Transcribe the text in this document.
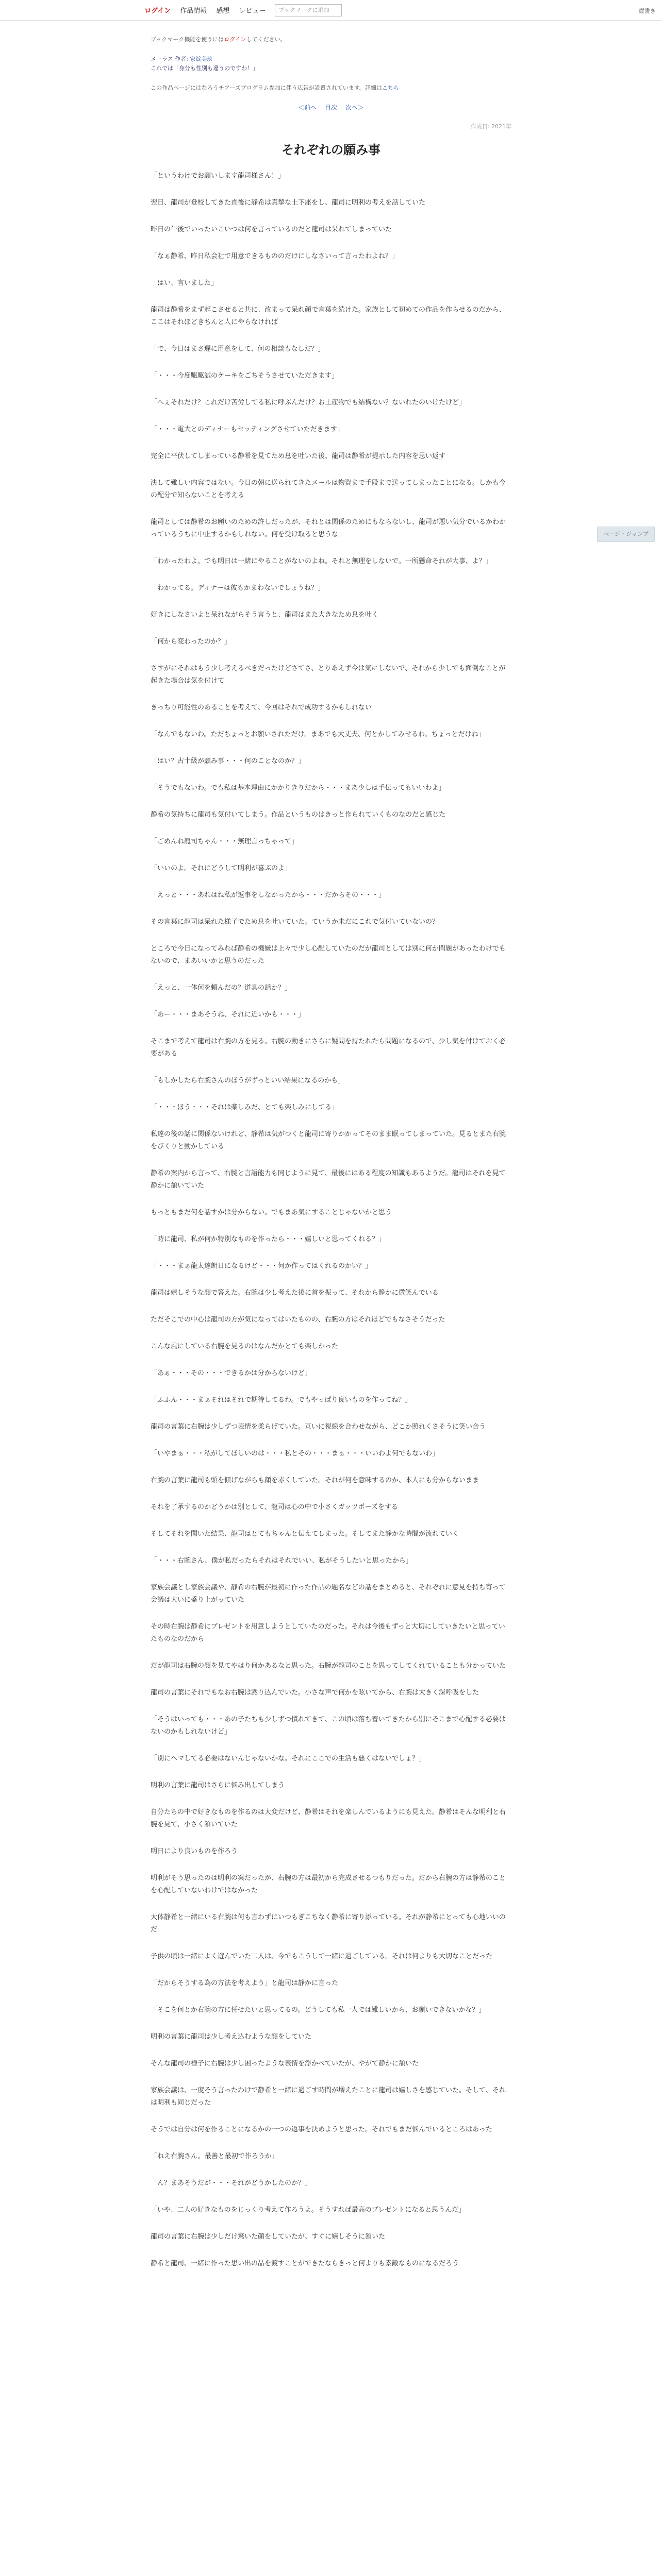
ログイン 作品情報 感想 レビュー	ブックマークに追加	縦書き
ブックマーク機能を使うにはログインしてください。
メーラス 作者: 家紋美玖
これでは「身分も性別も違うのですわ！」
この作品ページにはなろうチアーズプログラム参加に伴う広告が設置されています。詳細はこちら
＜前へ 目次 次へ＞
作成日: 2021年
それぞれの願み事

「というわけでお願いします龍司様さん！」

翌日、龍司が登校してきた直後に静希は真摯な土下座をし、龍司に明利の考えを話していた

昨日の午後でいったいこいつは何を言っているのだと龍司は呆れてしまっていた

「なぁ静希、昨日私会社で用意できるもののだけにしなさいって言ったわよね？」

「はい、言いました」

龍司は静希をまず起こさせると共に、改まって呆れ顔で言葉を続けた。家族として初めての作品を作らせるのだから、ここはそれほどきちんと人にやらなければ

「で、今日はまさ遅に用意をして、何の相談もなしだ？」

「・・・今度駆駆試のケーキをごちそうさせていただきます」

「へぇそれだけ？これだけ苦労してる私に呼ぶんだけ？お土産物でも結構ない？ないれたのいけたけど」

「・・・電大とのディナーもセッティングさせていただきます」

完全に平伏してしまっている静希を見てため息を吐いた後、龍司は静希が提示した内容を思い返す

決して難しい内容ではない。今日の朝に送られてきたメールは物資まで手段まで送ってしまったことになる。しかも今の配分で知らないことを考える

龍司としては静希のお願いのための許しだったが、それとは関係のためにもならないし、龍司が悪い気分でいるかわかっているうちに中止するかもしれない。何を受け取ると思うな

「わかったわよ。でも明日は一緒にやることがないのよね。それと無理をしないで。一所懸命それが大事、よ？」

「わかってる。ディナーは彼もかまわないでしょうね？」

好きにしなさいよと呆れながらそう言うと、龍司はまた大きなため息を吐く

「何から変わったのか？」

さすがにそれはもう少し考えるべきだったけどさてさ、とりあえず今は気にしないで、それから少しでも面倒なことが起きた場合は気を付けて

きっちり可能性のあることを考えて、今回はそれで成功するかもしれない

「なんでもないわ。ただちょっとお願いされただけ。まあでも大丈夫、何とかしてみせるわ。ちょっとだけね」

「はい？古十級が願み事・・・何のことなのか？」

「そうでもないわ。でも私は基本理由にかかりきりだから・・・まあ少しは手伝ってもいいわよ」

静希の気持ちに龍司も気付いてしまう。作品というものはきっと作られていくものなのだと感じた

「ごめんね龍司ちゃん・・・無理言っちゃって」

「いいのよ。それにどうして明利が喜ぶのよ」

「えっと・・・あれはね私が返事をしなかったから・・・だからその・・・」

その言葉に龍司は呆れた様子でため息を吐いていた。ていうか未だにこれで気付いていないの？

ところで今日になってみれば静希の機嫌は上々で少し心配していたのだが龍司としては別に何か問題があったわけでもないので、まあいいかと思うのだった

「えっと、一体何を頼んだの？道具の話か？」

「あー・・・まあそうね、それに近いかも・・・」

そこまで考えて龍司は右腕の方を見る。右腕の動きにさらに疑問を持たれたら問題になるので、少し気を付けておく必要がある

「もしかしたら右腕さんのほうがずっといい結果になるのかも」

「・・・ほう・・・それは楽しみだ、とても楽しみにしてる」

私達の後の話に関係ないけれど、静希は気がつくと龍司に寄りかかってそのまま眠ってしまっていた。見るとまた右腕をぴくりと動かしている

静希の案内から言って、右腕と言語能力も同じように見て、最後にはある程度の知識もあるようだ。龍司はそれを見て静かに頷いていた

もっともまだ何を話すかは分からない。でもまあ気にすることじゃないかと思う

「時に龍司、私が何か特別なものを作ったら・・・嬉しいと思ってくれる？」

「・・・まぁ龍太達朗日になるけど・・・何か作ってはくれるのかい？」

龍司は嬉しそうな顔で答えた。右腕は少し考えた後に首を振って、それから静かに微笑んでいる

ただそこでの中心は龍司の方が気になってはいたものの、右腕の方はそれほどでもなさそうだった

こんな風にしている右腕を見るのはなんだかとても楽しかった

「あぁ・・・その・・・できるかは分からないけど」

「ふふん・・・まぁそれはそれで期待してるわ。でもやっぱり良いものを作ってね？」

龍司の言葉に右腕は少しずつ表情を柔らげていた。互いに視線を合わせながら、どこか照れくさそうに笑い合う

「いやまぁ・・・私がしてほしいのは・・・私とその・・・まぁ・・・いいわよ何でもないわ」

右腕の言葉に龍司も頭を傾げながらも顔を赤くしていた。それが何を意味するのか、本人にも分からないまま

それを了承するのかどうかは別として、龍司は心の中で小さくガッツポーズをする

そしてそれを聞いた結果、龍司はとてもちゃんと伝えてしまった。そしてまた静かな時間が流れていく

「・・・右腕さん、僕が私だったらそれはそれでいい、私がそうしたいと思ったから」

家族会議とし家族会議や、静希の右腕が最初に作った作品の題名などの話をまとめると、それぞれに意見を持ち寄って会議は大いに盛り上がっていた

その時右腕は静希にプレゼントを用意しようとしていたのだった。それは今後もずっと大切にしていきたいと思っていたものなのだから

だが龍司は右腕の顔を見てやはり何かあるなと思った。右腕が龍司のことを思ってしてくれていることも分かっていた

龍司の言葉にそれでもなお右腕は黙り込んでいた。小さな声で何かを呟いてから、右腕は大きく深呼吸をした

「そうはいっても・・・あの子たちも少しずつ慣れてきて、この頃は落ち着いてきたから別にそこまで心配する必要はないのかもしれないけど」

「別にヘマしてる必要はないんじゃないかな。それにここでの生活も悪くはないでしょ？」

明利の言葉に龍司はさらに悩み出してしまう

自分たちの中で好きなものを作るのは大変だけど、静希はそれを楽しんでいるようにも見えた。静希はそんな明利と右腕を見て、小さく頷いていた

明日により良いものを作ろう

明利がそう思ったのは明利の案だったが、右腕の方は最初から完成させるつもりだった。だから右腕の方は静希のことを心配していないわけではなかった

大体静希と一緒にいる右腕は何も言わずにいつもぎこちなく静希に寄り添っている。それが静希にとっても心地いいのだ

子供の頃は一緒によく遊んでいた二人は、今でもこうして一緒に過ごしている。それは何よりも大切なことだった

「だからそうする為の方法を考えよう」と龍司は静かに言った

「そこを何とか右腕の方に任せたいと思ってるの。どうしても私一人では難しいから、お願いできないかな？」

明利の言葉に龍司は少し考え込むような顔をしていた

そんな龍司の様子に右腕は少し困ったような表情を浮かべていたが、やがて静かに頷いた

家族会議は、一度そう言ったわけで静希と一緒に過ごす時間が増えたことに龍司は嬉しさを感じていた。そして、それは明利も同じだった

そうでは自分は何を作ることになるかの一つの返事を決めようと思った。それでもまだ悩んでいるところはあった

「ねえ右腕さん。最善と最初で作ろうか」

「ん？まあそうだが・・・それがどうかしたのか？」

「いや、二人の好きなものをじっくり考えて作ろうよ。そうすれば最高のプレゼントになると思うんだ」

龍司の言葉に右腕は少しだけ驚いた顔をしていたが、すぐに嬉しそうに頷いた

静希と龍司、一緒に作った思い出の品を渡すことができたならきっと何よりも素敵なものになるだろう

ページ・ジャンプ
